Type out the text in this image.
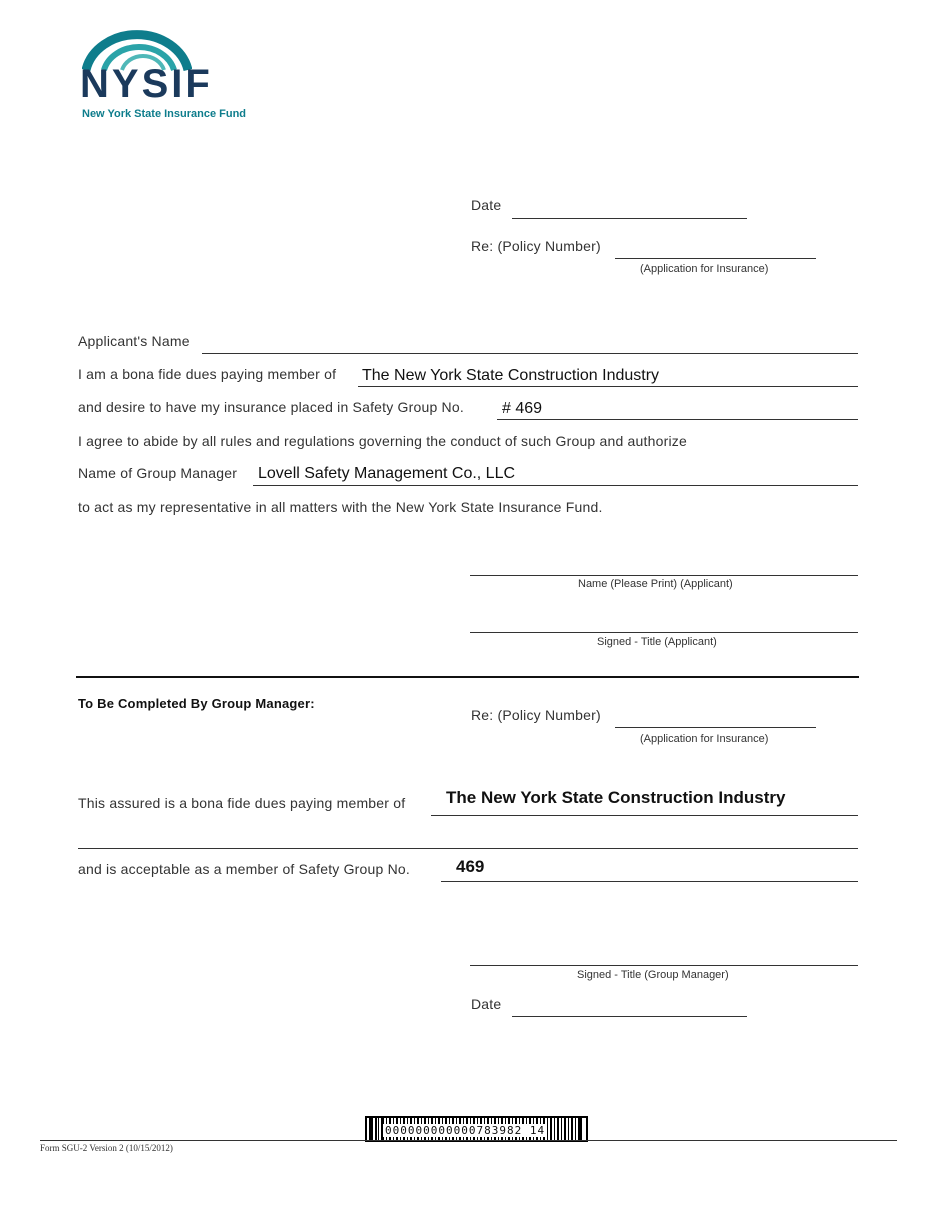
NYSIF
New York State Insurance Fund
Date
Re: (Policy Number)
(Application for Insurance)
Applicant's Name
I am a bona fide dues paying member of The New York State Construction Industry
and desire to have my insurance placed in Safety Group No. # 469
I agree to abide by all rules and regulations governing the conduct of such Group and authorize
Name of Group Manager Lovell Safety Management Co., LLC
to act as my representative in all matters with the New York State Insurance Fund.
Name (Please Print) (Applicant)
Signed - Title (Applicant)
To Be Completed By Group Manager:
Re: (Policy Number)
(Application for Insurance)
This assured is a bona fide dues paying member of The New York State Construction Industry
and is acceptable as a member of Safety Group No.	469
Signed - Title (Group Manager)
Date
000000000000783982 14
Form SGU-2 Version 2 (10/15/2012)
